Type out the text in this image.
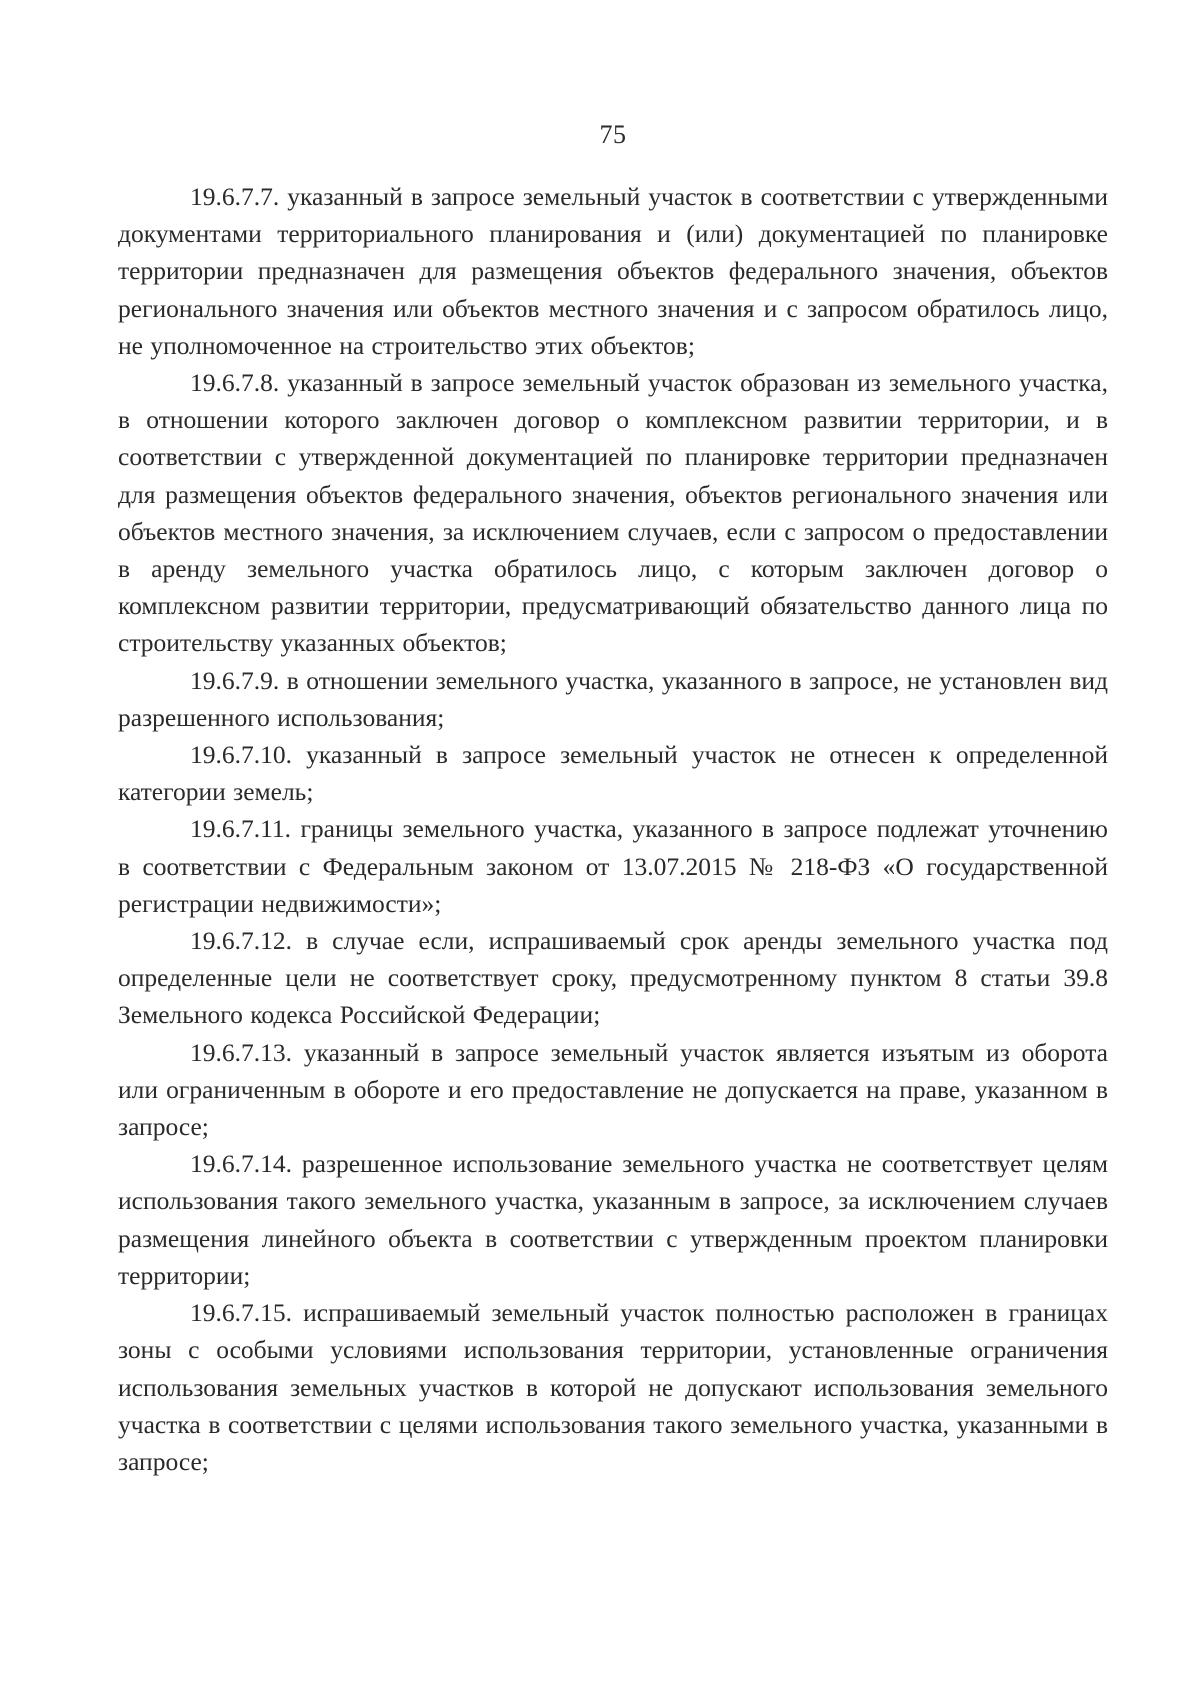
75

19.6.7.7. указанный в запросе земельный участок в соответствии с утвержденными документами территориального планирования и (или) документацией по планировке территории предназначен для размещения объектов федерального значения, объектов регионального значения или объектов местного значения и с запросом обратилось лицо, не уполномоченное на строительство этих объектов;

19.6.7.8. указанный в запросе земельный участок образован из земельного участка, в отношении которого заключен договор о комплексном развитии территории, и в соответствии с утвержденной документацией по планировке территории предназначен для размещения объектов федерального значения, объектов регионального значения или объектов местного значения, за исключением случаев, если с запросом о предоставлении в аренду земельного участка обратилось лицо, с которым заключен договор о комплексном развитии территории, предусматривающий обязательство данного лица по строительству указанных объектов;

19.6.7.9. в отношении земельного участка, указанного в запросе, не установлен вид разрешенного использования;

19.6.7.10. указанный в запросе земельный участок не отнесен к определенной категории земель;

19.6.7.11. границы земельного участка, указанного в запросе подлежат уточнению в соответствии с Федеральным законом от 13.07.2015 № 218-ФЗ «О государственной регистрации недвижимости»;

19.6.7.12. в случае если, испрашиваемый срок аренды земельного участка под определенные цели не соответствует сроку, предусмотренному пунктом 8 статьи 39.8 Земельного кодекса Российской Федерации;

19.6.7.13. указанный в запросе земельный участок является изъятым из оборота или ограниченным в обороте и его предоставление не допускается на праве, указанном в запросе;

19.6.7.14. разрешенное использование земельного участка не соответствует целям использования такого земельного участка, указанным в запросе, за исключением случаев размещения линейного объекта в соответствии с утвержденным проектом планировки территории;

19.6.7.15. испрашиваемый земельный участок полностью расположен в границах зоны с особыми условиями использования территории, установленные ограничения использования земельных участков в которой не допускают использования земельного участка в соответствии с целями использования такого земельного участка, указанными в запросе;
